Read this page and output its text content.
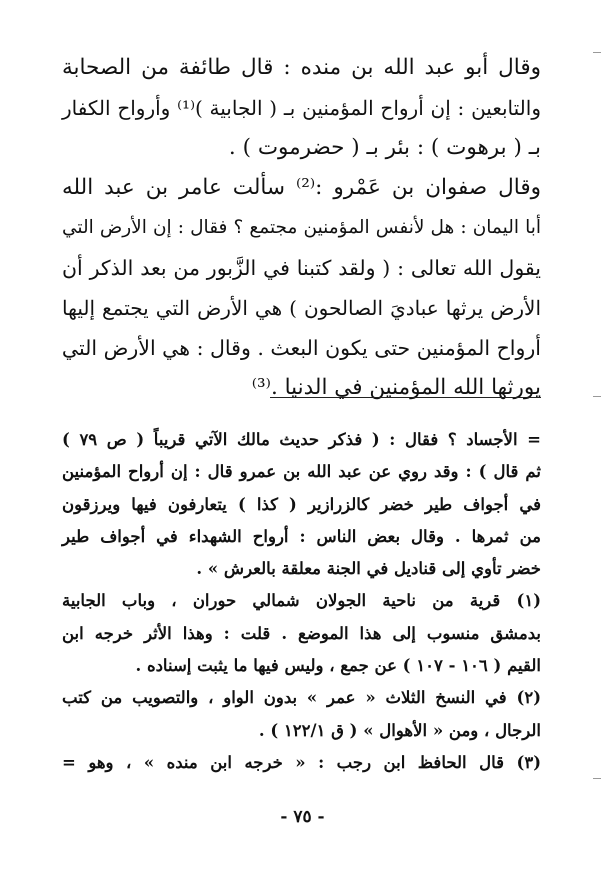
وقال أبو عبد الله بن منده : قال طائفة من الصحابة
والتابعين : إن أرواح المؤمنين بـ ( الجابية )⁽¹⁾ وأرواح الكفار
بـ ( برهوت ) : بئر بـ ( حضرموت ) .
وقال صفوان بن عَمْرو :⁽²⁾ سألت عامر بن عبد الله
أبا اليمان : هل لأنفس المؤمنين مجتمع ؟ فقال : إن الأرض التي
يقول الله تعالى : ( ولقد كتبنا في الزَّبور من بعد الذكر أن
الأرض يرثها عباديَ الصالحون ) هي الأرض التي يجتمع إليها
أرواح المؤمنين حتى يكون البعث . وقال : هي الأرض التي
يورثها الله المؤمنين في الدنيا .⁽³⁾
= الأجساد ؟ فقال : ( فذكر حديث مالك الآتي قريباً ( ص ٧٩ )
ثم قال ) : وقد روي عن عبد الله بن عمرو قال : إن أرواح المؤمنين
في أجواف طير خضر كالزرازير ( كذا ) يتعارفون فيها ويرزقون
من ثمرها . وقال بعض الناس : أرواح الشهداء في أجواف طير
خضر تأوي إلى قناديل في الجنة معلقة بالعرش » .
(١) قرية من ناحية الجولان شمالي حوران ، وباب الجابية
بدمشق منسوب إلى هذا الموضع . قلت : وهذا الأثر خرجه ابن
القيم ( ١٠٦ - ١٠٧ ) عن جمع ، وليس فيها ما يثبت إسناده .
(٢) في النسخ الثلاث « عمر » بدون الواو ، والتصويب من كتب
الرجال ، ومن « الأهوال » ( ق ١٢٢/١ ) .
(٣) قال الحافظ ابن رجب : « خرجه ابن منده » ، وهو =
- ٧٥ -
